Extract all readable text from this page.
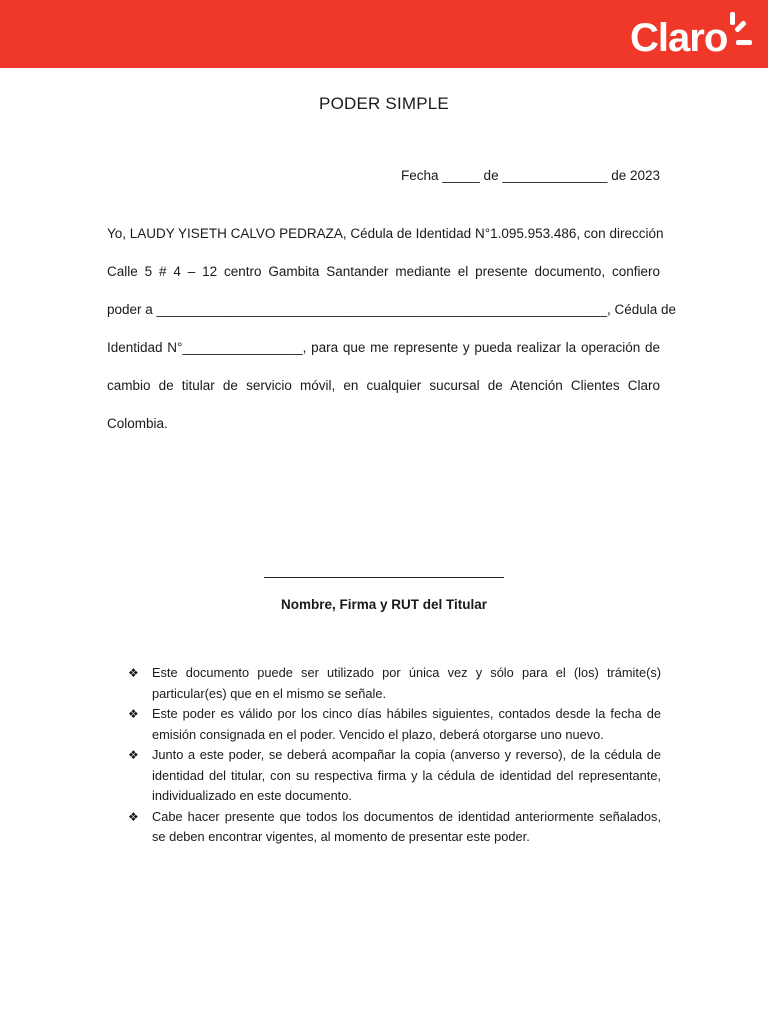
Claro
PODER SIMPLE
Fecha _____ de ______________ de 2023
Yo, LAUDY YISETH CALVO PEDRAZA, Cédula de Identidad N°1.095.953.486, con dirección
Calle 5 # 4 – 12 centro Gambita Santander mediante el presente documento, confiero
poder a ____________________________________________________________, Cédula de
Identidad N°________________, para que me represente y pueda realizar la operación de
cambio de titular de servicio móvil, en cualquier sucursal de Atención Clientes Claro
Colombia.
Nombre, Firma y RUT del Titular
❖ Este documento puede ser utilizado por única vez y sólo para el (los) trámite(s) particular(es) que en el mismo se señale.
❖ Este poder es válido por los cinco días hábiles siguientes, contados desde la fecha de emisión consignada en el poder. Vencido el plazo, deberá otorgarse uno nuevo.
❖ Junto a este poder, se deberá acompañar la copia (anverso y reverso), de la cédula de identidad del titular, con su respectiva firma y la cédula de identidad del representante, individualizado en este documento.
❖ Cabe hacer presente que todos los documentos de identidad anteriormente señalados, se deben encontrar vigentes, al momento de presentar este poder.
